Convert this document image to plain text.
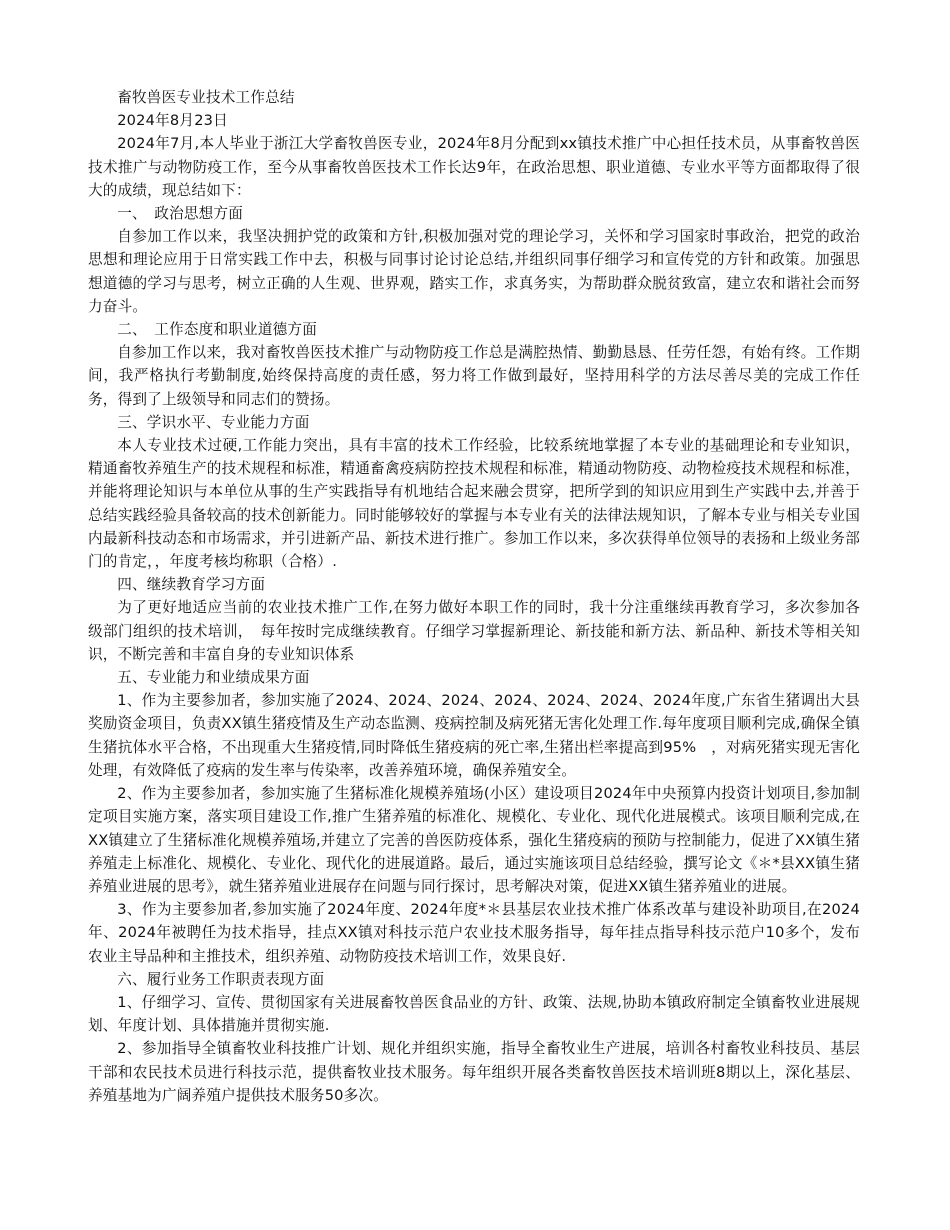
畜牧兽医专业技术工作总结

2024年8月23日

2024年7月,本人毕业于浙江大学畜牧兽医专业，2024年8月分配到xx镇技术推广中心担任技术员，从事畜牧兽医技术推广与动物防疫工作，至今从事畜牧兽医技术工作长达9年，在政治思想、职业道德、专业水平等方面都取得了很大的成绩，现总结如下：

一、　政治思想方面

自参加工作以来，我坚决拥护党的政策和方针,积极加强对党的理论学习，关怀和学习国家时事政治，把党的政治思想和理论应用于日常实践工作中去，积极与同事讨论讨论总结,并组织同事仔细学习和宣传党的方针和政策。加强思想道德的学习与思考，树立正确的人生观、世界观，踏实工作，求真务实，为帮助群众脱贫致富，建立农和谐社会而努力奋斗。

二、　工作态度和职业道德方面

自参加工作以来，我对畜牧兽医技术推广与动物防疫工作总是满腔热情、勤勤恳恳、任劳任怨，有始有终。工作期间，我严格执行考勤制度,始终保持高度的责任感，努力将工作做到最好，坚持用科学的方法尽善尽美的完成工作任务，得到了上级领导和同志们的赞扬。

三、学识水平、专业能力方面

本人专业技术过硬,工作能力突出，具有丰富的技术工作经验，比较系统地掌握了本专业的基础理论和专业知识，精通畜牧养殖生产的技术规程和标准，精通畜禽疫病防控技术规程和标准，精通动物防疫、动物检疫技术规程和标准，并能将理论知识与本单位从事的生产实践指导有机地结合起来融会贯穿，把所学到的知识应用到生产实践中去,并善于总结实践经验具备较高的技术创新能力。同时能够较好的掌握与本专业有关的法律法规知识，了解本专业与相关专业国内最新科技动态和市场需求，并引进新产品、新技术进行推广。参加工作以来，多次获得单位领导的表扬和上级业务部门的肯定，，年度考核均称职（合格）.

四、继续教育学习方面

为了更好地适应当前的农业技术推广工作,在努力做好本职工作的同时，我十分注重继续再教育学习，多次参加各级部门组织的技术培训，　每年按时完成继续教育。仔细学习掌握新理论、新技能和新方法、新品种、新技术等相关知识，不断完善和丰富自身的专业知识体系

五、专业能力和业绩成果方面

1、作为主要参加者，参加实施了2024、2024、2024、2024、2024、2024、2024年度,广东省生猪调出大县奖励资金项目，负责XX镇生猪疫情及生产动态监测、疫病控制及病死猪无害化处理工作.每年度项目顺利完成,确保全镇生猪抗体水平合格，不出现重大生猪疫情,同时降低生猪疫病的死亡率,生猪出栏率提高到95%　，对病死猪实现无害化处理，有效降低了疫病的发生率与传染率，改善养殖环境，确保养殖安全。

2、作为主要参加者，参加实施了生猪标准化规模养殖场(小区）建设项目2024年中央预算内投资计划项目,参加制定项目实施方案，落实项目建设工作,推广生猪养殖的标准化、规模化、专业化、现代化进展模式。该项目顺利完成,在XX镇建立了生猪标准化规模养殖场,并建立了完善的兽医防疫体系，强化生猪疫病的预防与控制能力，促进了XX镇生猪养殖走上标准化、规模化、专业化、现代化的进展道路。最后，通过实施该项目总结经验，撰写论文《＊*县XX镇生猪养殖业进展的思考》，就生猪养殖业进展存在问题与同行探讨，思考解决对策，促进XX镇生猪养殖业的进展。

3、作为主要参加者,参加实施了2024年度、2024年度*＊县基层农业技术推广体系改革与建设补助项目,在2024年、2024年被聘任为技术指导，挂点XX镇对科技示范户农业技术服务指导，每年挂点指导科技示范户10多个，发布农业主导品种和主推技术，组织养殖、动物防疫技术培训工作，效果良好.

六、履行业务工作职责表现方面

1、仔细学习、宣传、贯彻国家有关进展畜牧兽医食品业的方针、政策、法规,协助本镇政府制定全镇畜牧业进展规划、年度计划、具体措施并贯彻实施.

2、参加指导全镇畜牧业科技推广计划、规化并组织实施，指导全畜牧业生产进展，培训各村畜牧业科技员、基层干部和农民技术员进行科技示范，提供畜牧业技术服务。每年组织开展各类畜牧兽医技术培训班8期以上，深化基层、养殖基地为广阔养殖户提供技术服务50多次。
